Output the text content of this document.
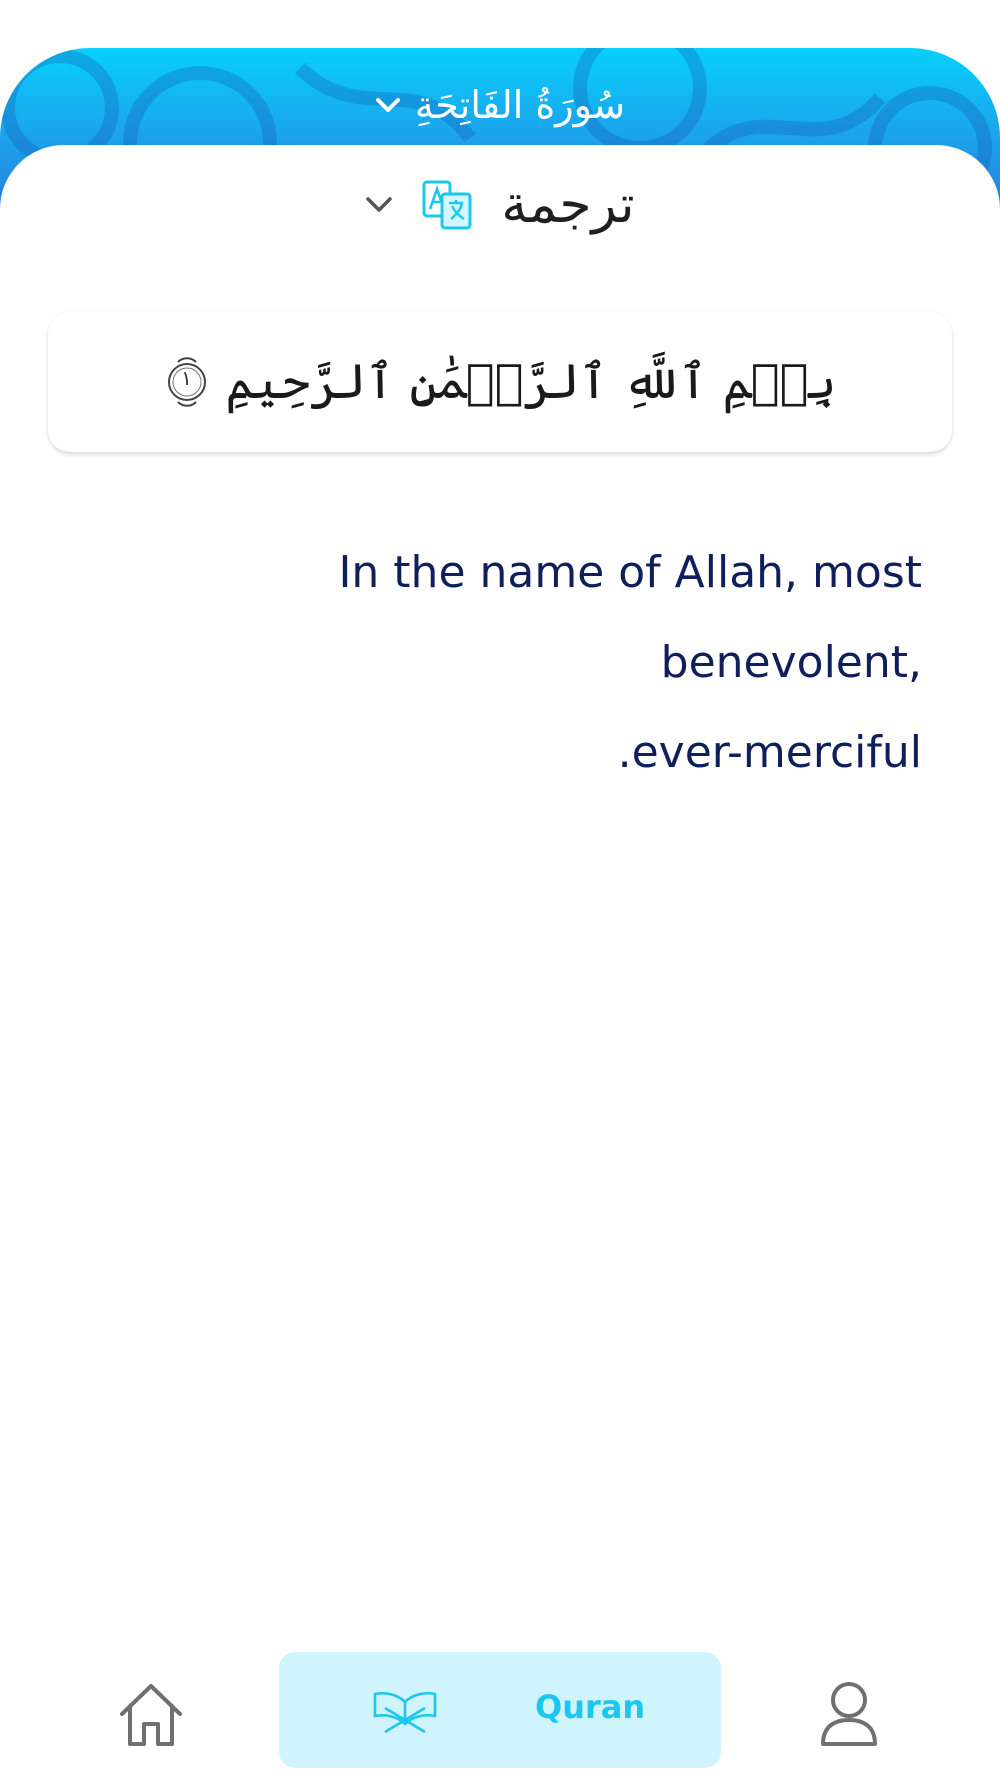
سُورَةُ الفَاتِحَةِ
ترجمة
١ بِسۡمِ ٱللَّهِ ٱلرَّحۡمَٰنِ ٱلرَّحِيمِ
In the name of Allah, most benevolent,
.ever-merciful
Quran
